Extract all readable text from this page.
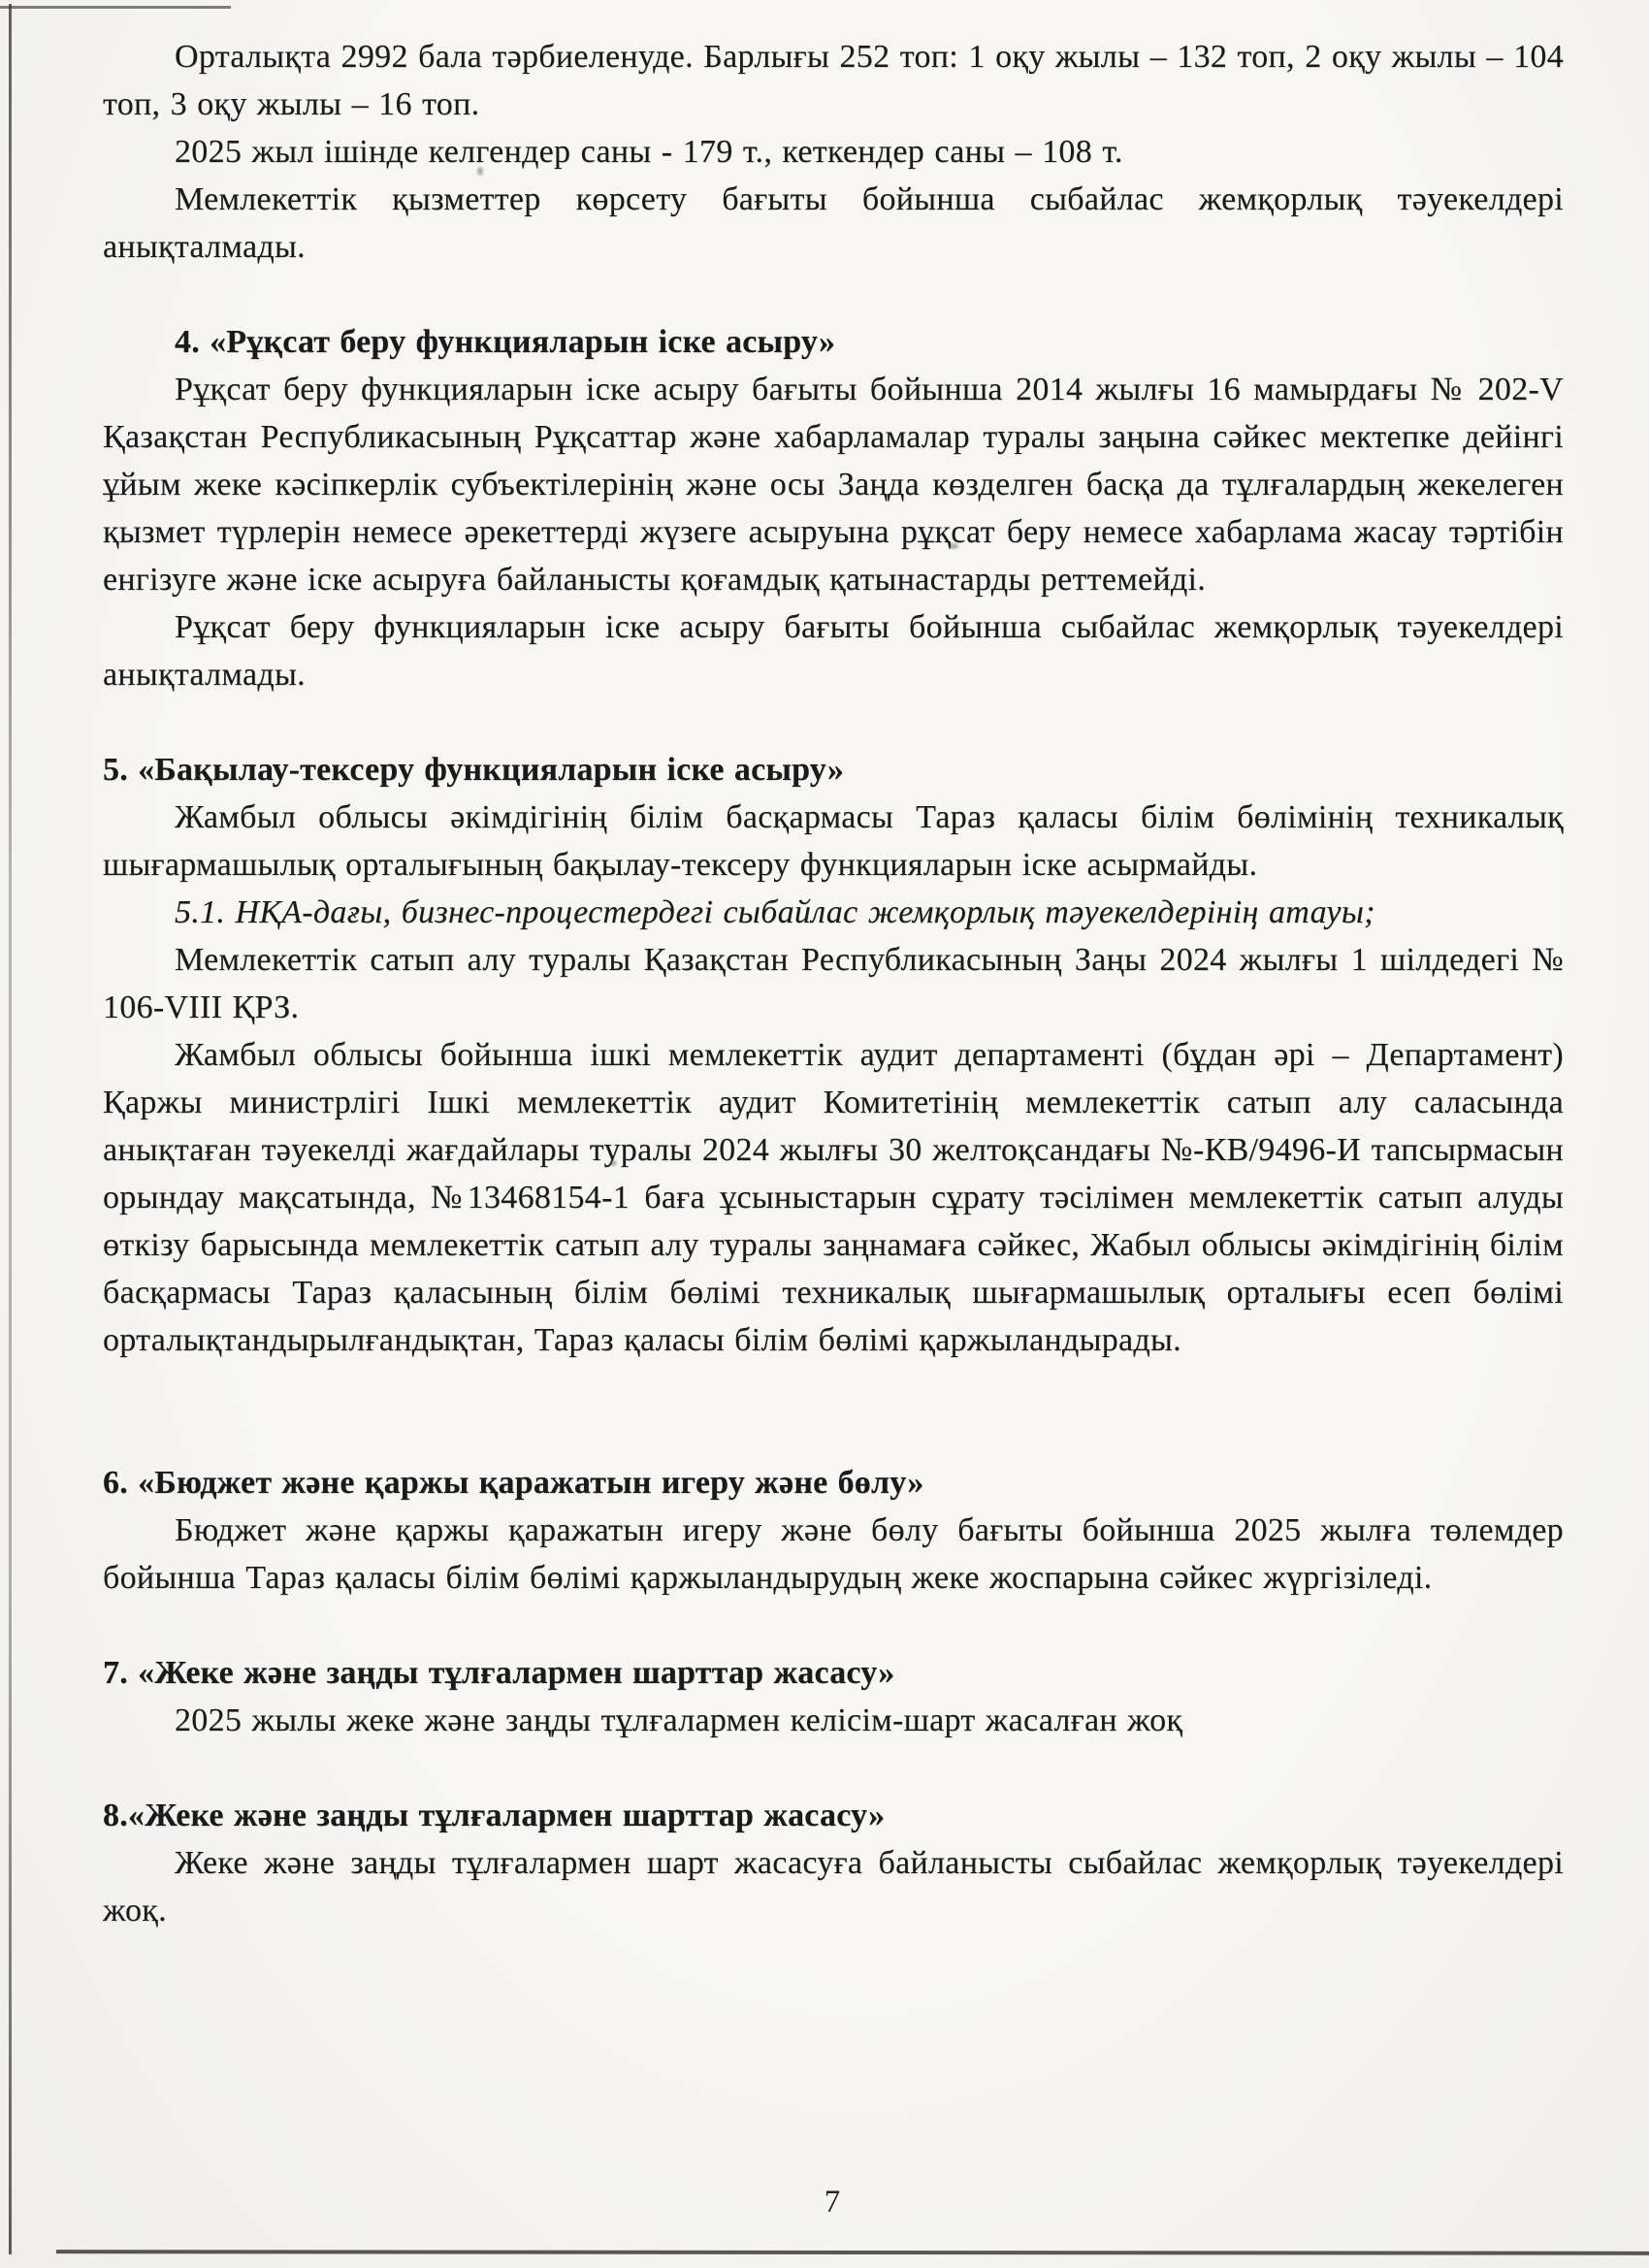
Орталықта 2992 бала тәрбиеленуде. Барлығы 252 топ: 1 оқу жылы – 132 топ, 2 оқу жылы – 104 топ, 3 оқу жылы – 16 топ.

2025 жыл ішінде келгендер саны - 179 т., кеткендер саны – 108 т.

Мемлекеттік қызметтер көрсету бағыты бойынша сыбайлас жемқорлық тәуекелдері анықталмады.

4. «Рұқсат беру функцияларын іске асыру»

Рұқсат беру функцияларын іске асыру бағыты бойынша 2014 жылғы 16 мамырдағы № 202-V Қазақстан Республикасының Рұқсаттар және хабарламалар туралы заңына сәйкес мектепке дейінгі ұйым жеке кәсіпкерлік субъектілерінің және осы Заңда көзделген басқа да тұлғалардың жекелеген қызмет түрлерін немесе әрекеттерді жүзеге асыруына рұқсат беру немесе хабарлама жасау тәртібін енгізуге және іске асыруға байланысты қоғамдық қатынастарды реттемейді.

Рұқсат беру функцияларын іске асыру бағыты бойынша сыбайлас жемқорлық тәуекелдері анықталмады.

5. «Бақылау-тексеру функцияларын іске асыру»

Жамбыл облысы әкімдігінің білім басқармасы Тараз қаласы білім бөлімінің техникалық шығармашылық орталығының бақылау-тексеру функцияларын іске асырмайды.

5.1. НҚА-дағы, бизнес-процестердегі сыбайлас жемқорлық тәуекелдерінің атауы;

Мемлекеттік сатып алу туралы Қазақстан Республикасының Заңы 2024 жылғы 1 шілдедегі № 106-VIII ҚРЗ.

Жамбыл облысы бойынша ішкі мемлекеттік аудит департаменті (бұдан әрі – Департамент) Қаржы министрлігі Ішкі мемлекеттік аудит Комитетінің мемлекеттік сатып алу саласында анықтаған тәуекелді жағдайлары туралы 2024 жылғы 30 желтоқсандағы №-КВ/9496-И тапсырмасын орындау мақсатында, №13468154-1 баға ұсыныстарын сұрату тәсілімен мемлекеттік сатып алуды өткізу барысында мемлекеттік сатып алу туралы заңнамаға сәйкес, Жабыл облысы әкімдігінің білім басқармасы Тараз қаласының білім бөлімі техникалық шығармашылық орталығы есеп бөлімі орталықтандырылғандықтан, Тараз қаласы білім бөлімі қаржыландырады.

6. «Бюджет және қаржы қаражатын игеру және бөлу»

Бюджет және қаржы қаражатын игеру және бөлу бағыты бойынша 2025 жылға төлемдер бойынша Тараз қаласы білім бөлімі қаржыландырудың жеке жоспарына сәйкес жүргізіледі.

7. «Жеке және заңды тұлғалармен шарттар жасасу»

2025 жылы жеке және заңды тұлғалармен келісім-шарт жасалған жоқ

8.«Жеке және заңды тұлғалармен шарттар жасасу»

Жеке және заңды тұлғалармен шарт жасасуға байланысты сыбайлас жемқорлық тәуекелдері жоқ.

7
